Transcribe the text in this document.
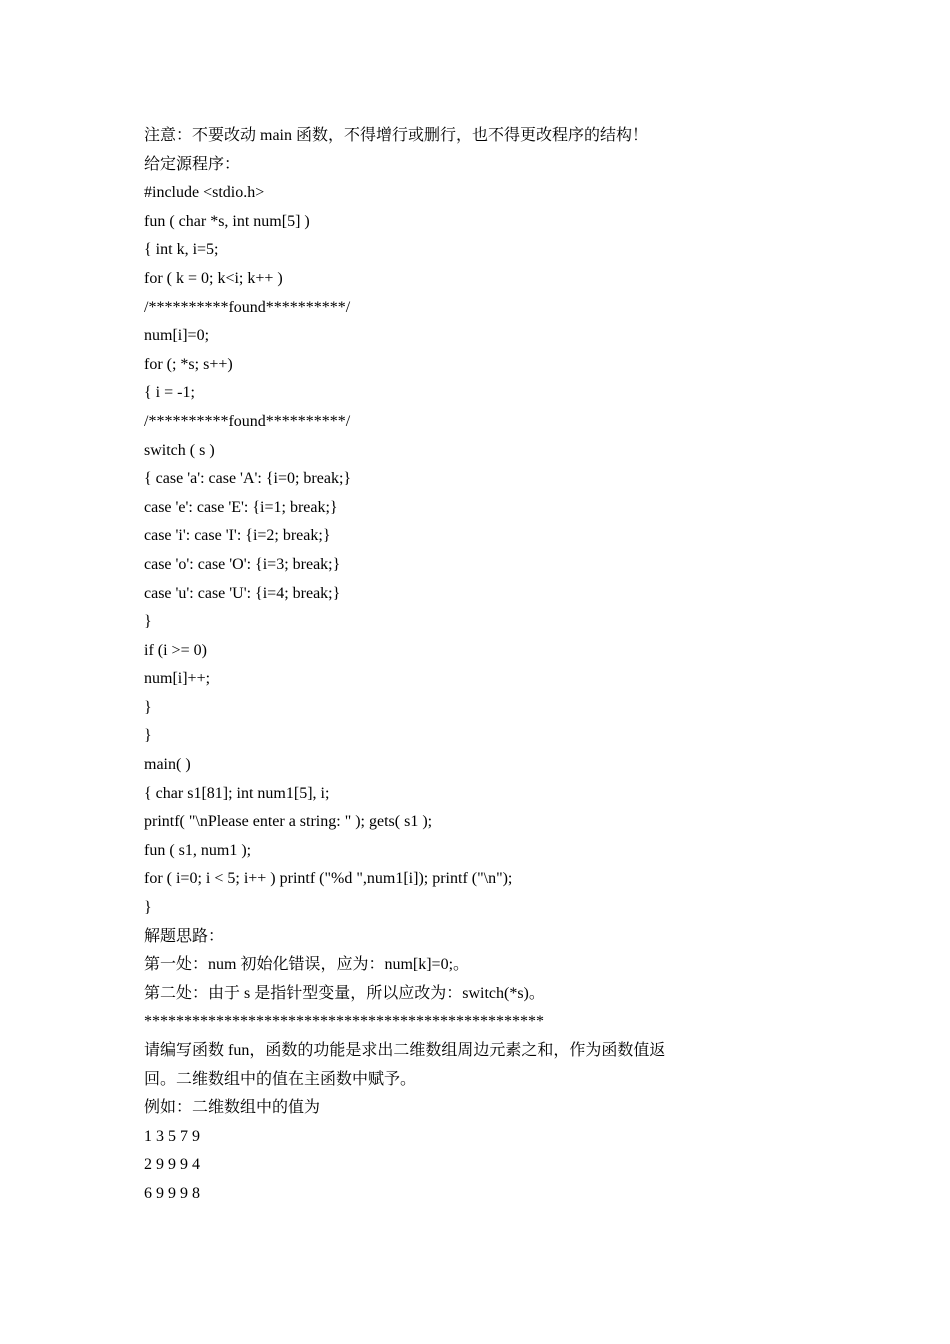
注意：不要改动 main 函数，不得增行或删行，也不得更改程序的结构！

给定源程序：

#include <stdio.h>

fun ( char *s, int num[5] )

{ int k, i=5;

for ( k = 0; k<i; k++ )

/**********found**********/

num[i]=0;

for (; *s; s++)

{ i = -1;

/**********found**********/

switch ( s )

{ case 'a': case 'A': {i=0; break;}

case 'e': case 'E': {i=1; break;}

case 'i': case 'I': {i=2; break;}

case 'o': case 'O': {i=3; break;}

case 'u': case 'U': {i=4; break;}

}

if (i >= 0)

num[i]++;

}

}

main( )

{ char s1[81]; int num1[5], i;

printf( "\nPlease enter a string: " ); gets( s1 );

fun ( s1, num1 );

for ( i=0; i < 5; i++ ) printf ("%d ",num1[i]); printf ("\n");

}

解题思路：

第一处：num 初始化错误，应为：num[k]=0;。

第二处：由于 s 是指针型变量，所以应改为：switch(*s)。

**************************************************

请编写函数 fun，函数的功能是求出二维数组周边元素之和，作为函数值返

回。二维数组中的值在主函数中赋予。

例如：二维数组中的值为

1 3 5 7 9

2 9 9 9 4

6 9 9 9 8
